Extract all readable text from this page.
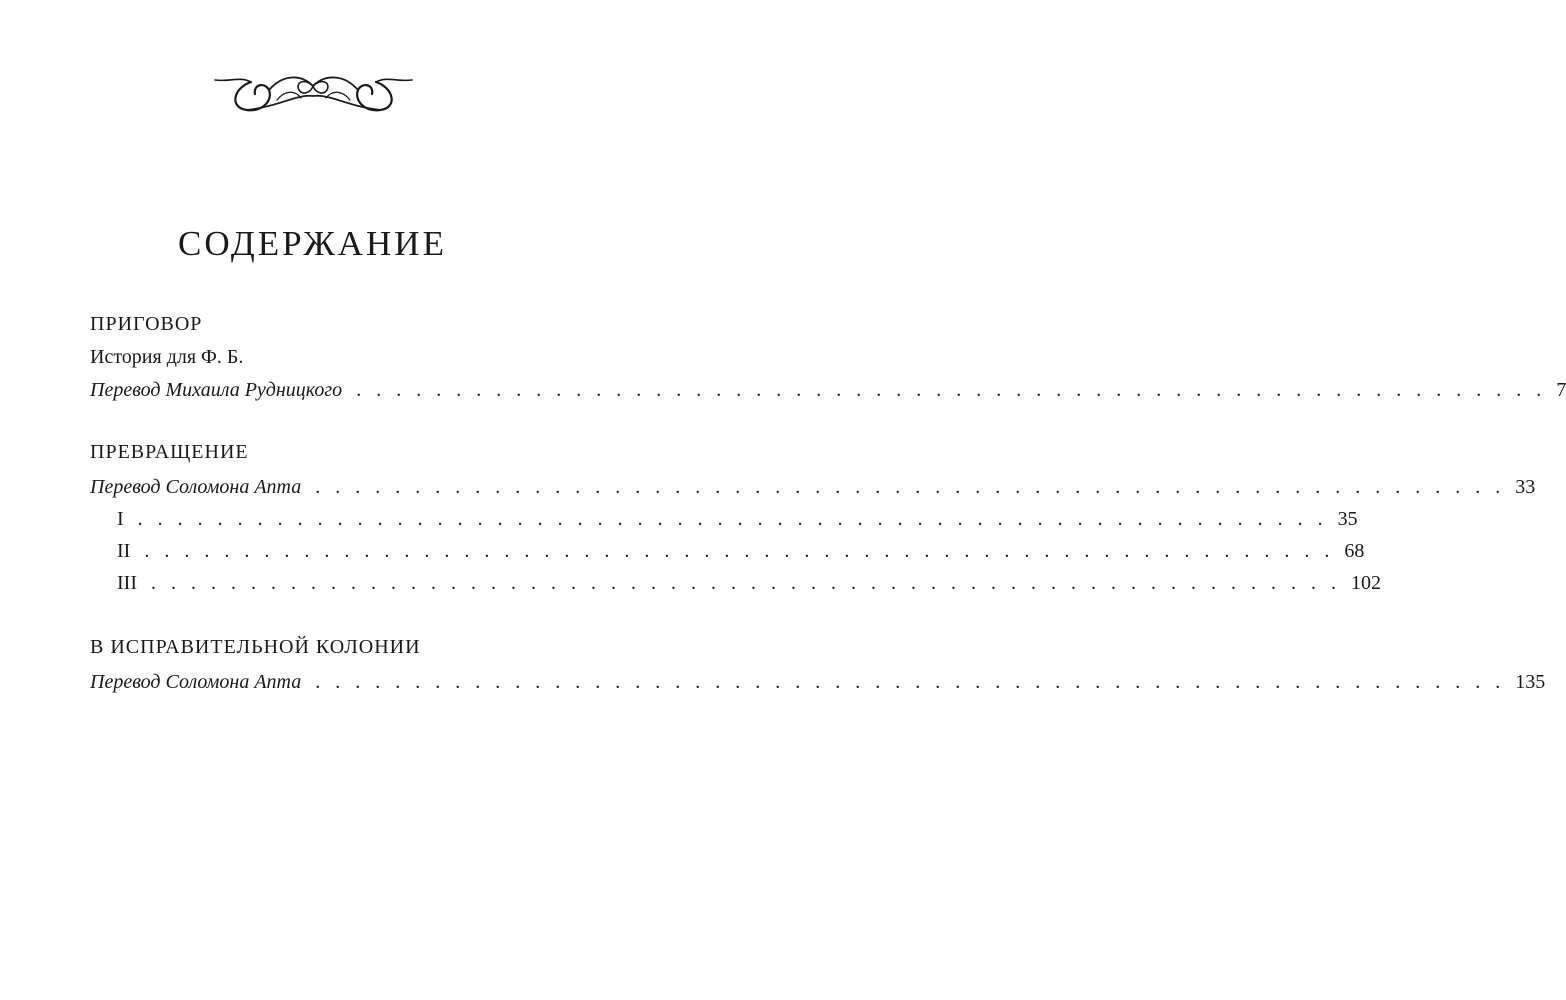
СОДЕРЖАНИЕ
ПРИГОВОР
История для Ф. Б.
Перевод Михаила Рудницкого . . . . . . . . . . . . . . . . . . . . . . . . . . . . . . . . . . . . . . . . . . . . . . . . . . . . . . . . . . . . 7
ПРЕВРАЩЕНИЕ
Перевод Соломона Апта . . . . . . . . . . . . . . . . . . . . . . . . . . . . . . . . . . . . . . . . . . . . . . . . . . . . . . . . . . . . 33
I . . . . . . . . . . . . . . . . . . . . . . . . . . . . . . . . . . . . . . . . . . . . . . . . . . . . . . . . . . . . 35
II . . . . . . . . . . . . . . . . . . . . . . . . . . . . . . . . . . . . . . . . . . . . . . . . . . . . . . . . . . . . 68
III . . . . . . . . . . . . . . . . . . . . . . . . . . . . . . . . . . . . . . . . . . . . . . . . . . . . . . . . . . . . 102
В ИСПРАВИТЕЛЬНОЙ КОЛОНИИ
Перевод Соломона Апта . . . . . . . . . . . . . . . . . . . . . . . . . . . . . . . . . . . . . . . . . . . . . . . . . . . . . . . . . . . . 135
